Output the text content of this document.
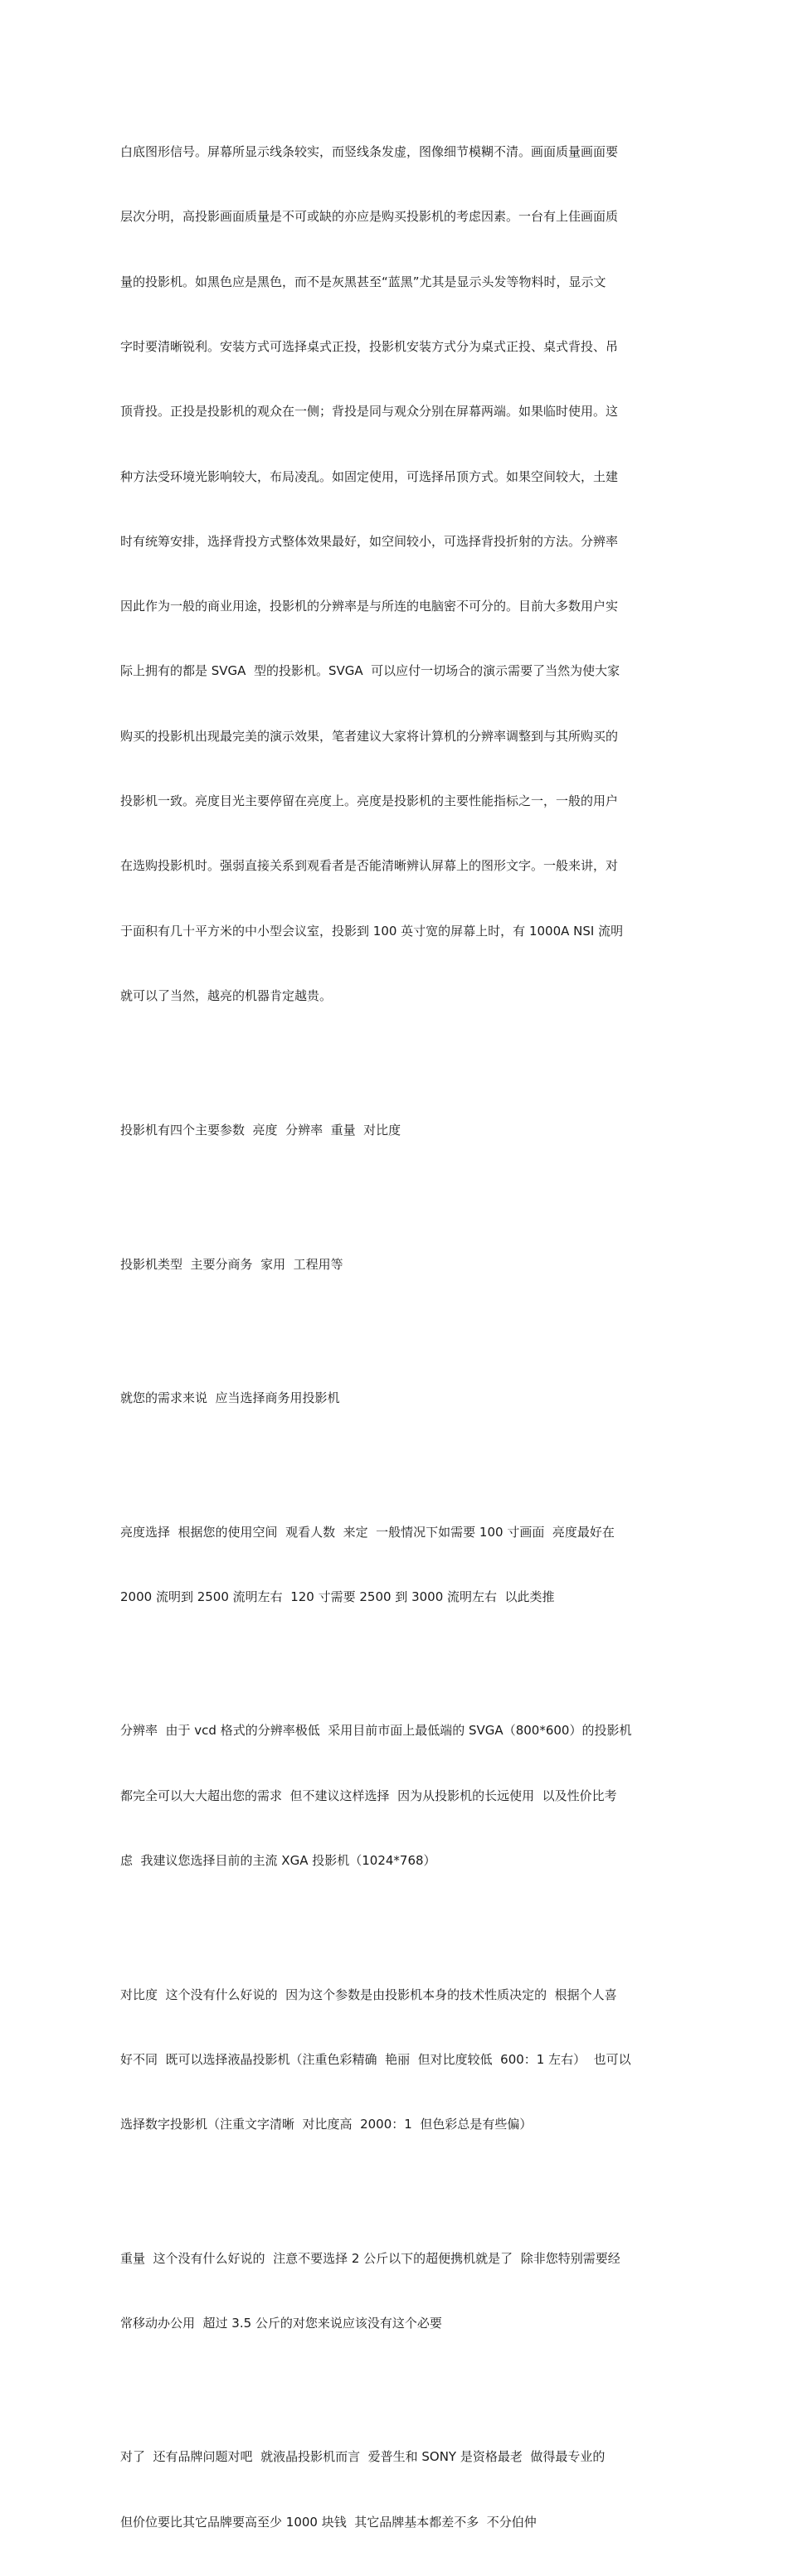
白底图形信号。屏幕所显示线条较实，而竖线条发虚，图像细节模糊不清。画面质量画面要

层次分明，高投影画面质量是不可或缺的亦应是购买投影机的考虑因素。一台有上佳画面质

量的投影机。如黑色应是黑色，而不是灰黑甚至“蓝黑”尤其是显示头发等物料时，显示文

字时要清晰锐利。安装方式可选择桌式正投，投影机安装方式分为桌式正投、桌式背投、吊

顶背投。正投是投影机的观众在一侧；背投是同与观众分别在屏幕两端。如果临时使用。这

种方法受环境光影响较大，布局凌乱。如固定使用，可选择吊顶方式。如果空间较大，土建

时有统筹安排，选择背投方式整体效果最好，如空间较小，可选择背投折射的方法。分辨率

因此作为一般的商业用途，投影机的分辨率是与所连的电脑密不可分的。目前大多数用户实

际上拥有的都是 SVGA  型的投影机。SVGA  可以应付一切场合的演示需要了当然为使大家

购买的投影机出现最完美的演示效果，笔者建议大家将计算机的分辨率调整到与其所购买的

投影机一致。亮度目光主要停留在亮度上。亮度是投影机的主要性能指标之一，一般的用户

在选购投影机时。强弱直接关系到观看者是否能清晰辨认屏幕上的图形文字。一般来讲，对

于面积有几十平方米的中小型会议室，投影到 100 英寸宽的屏幕上时，有 1000A NSI 流明

就可以了当然，越亮的机器肯定越贵。

投影机有四个主要参数  亮度  分辨率  重量  对比度

投影机类型  主要分商务  家用  工程用等

就您的需求来说  应当选择商务用投影机

亮度选择  根据您的使用空间  观看人数  来定  一般情况下如需要 100 寸画面  亮度最好在

2000 流明到 2500 流明左右  120 寸需要 2500 到 3000 流明左右  以此类推

分辨率  由于 vcd 格式的分辨率极低  采用目前市面上最低端的 SVGA（800*600）的投影机

都完全可以大大超出您的需求  但不建议这样选择  因为从投影机的长远使用  以及性价比考

虑  我建议您选择目前的主流 XGA 投影机（1024*768）

对比度  这个没有什么好说的  因为这个参数是由投影机本身的技术性质决定的  根据个人喜

好不同  既可以选择液晶投影机（注重色彩精确  艳丽  但对比度较低  600：1 左右）  也可以

选择数字投影机（注重文字清晰  对比度高  2000：1  但色彩总是有些偏）

重量  这个没有什么好说的  注意不要选择 2 公斤以下的超便携机就是了  除非您特别需要经

常移动办公用  超过 3.5 公斤的对您来说应该没有这个必要

对了  还有品牌问题对吧  就液晶投影机而言  爱普生和 SONY 是资格最老  做得最专业的

但价位要比其它品牌要高至少 1000 块钱  其它品牌基本都差不多  不分伯仲
